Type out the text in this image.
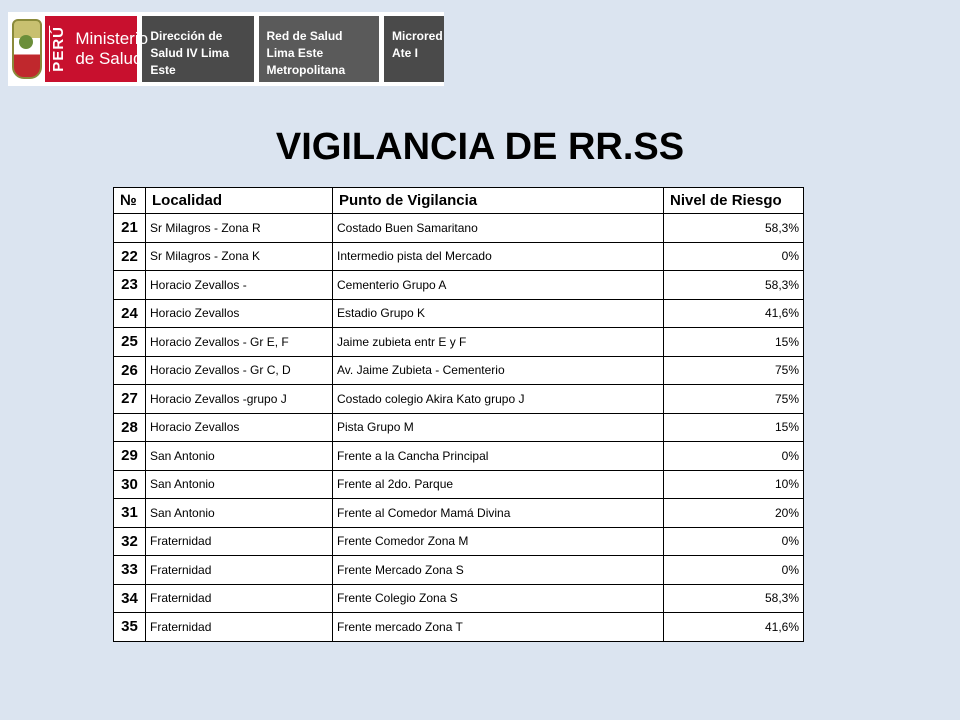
PERÚ Ministerio de Salud
Dirección de Salud IV Lima Este
Red de Salud Lima Este Metropolitana
Microred Ate I
VIGILANCIA DE RR.SS
№	Localidad	Punto de Vigilancia	Nivel de Riesgo
21	Sr Milagros - Zona R	Costado Buen Samaritano	58,3%
22	Sr Milagros - Zona K	Intermedio pista del Mercado	0%
23	Horacio Zevallos -	Cementerio Grupo A	58,3%
24	Horacio Zevallos	Estadio Grupo K	41,6%
25	Horacio Zevallos - Gr E, F	Jaime zubieta entr E y F	15%
26	Horacio Zevallos - Gr C, D	Av. Jaime Zubieta - Cementerio	75%
27	Horacio Zevallos -grupo J	Costado colegio Akira Kato grupo J	75%
28	Horacio Zevallos	Pista Grupo M	15%
29	San Antonio	Frente a la Cancha Principal	0%
30	San Antonio	Frente al 2do. Parque	10%
31	San Antonio	Frente al Comedor Mamá Divina	20%
32	Fraternidad	Frente Comedor Zona M	0%
33	Fraternidad	Frente Mercado Zona S	0%
34	Fraternidad	Frente Colegio Zona S	58,3%
35	Fraternidad	Frente mercado Zona T	41,6%
